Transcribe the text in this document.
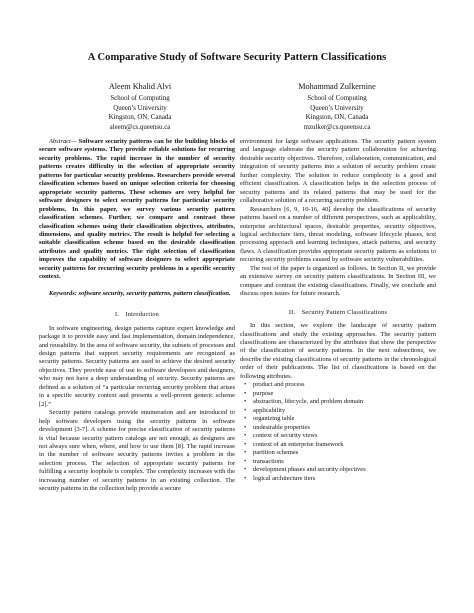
A Comparative Study of Software Security Pattern Classifications
Aleem Khalid Alvi
School of Computing
Queen’s University
Kingston, ON, Canada
aleem@cs.queensu.ca
Mohammad Zulkernine
School of Computing
Queen’s University
Kingston, ON, Canada
mzulker@cs.queensu.ca

Abstract— Software security patterns can be the building blocks of secure software systems. They provide reliable solutions for recurring security problems. The rapid increase in the number of security patterns creates difficulty in the selection of appropriate security patterns for particular security problems. Researchers provide several classification schemes based on unique selection criteria for choosing appropriate security patterns. These schemes are very helpful for software designers to select security patterns for particular security problems. In this paper, we survey various security pattern classification schemes. Further, we compare and contrast these classification schemes using their classification objectives, attributes, dimensions, and quality metrics. The result is helpful for selecting a suitable classification scheme based on the desirable classification attributes and quality metrics. The right selection of classification improves the capability of software designers to select appropriate security patterns for recurring security problems in a specific security context.

Keywords: software security, security patterns, pattern classification.

I. Introduction

In software engineering, design patterns capture expert knowledge and package it to provide easy and fast implementation, domain independence, and reusability. In the area of software security, the subsets of processes and design patterns that support security requirements are recognized as security patterns. Security patterns are used to achieve the desired security objectives. They provide ease of use to software developers and designers, who may not have a deep understanding of security. Security patterns are defined as a solution of “a particular recurring security problem that arises in a specific security context and presents a well-proven generic scheme [2].”

Security pattern catalogs provide enumeration and are introduced to help software developers using the security patterns in software development [3-7]. A scheme for precise classification of security patterns is vital because security pattern catalogs are not enough, as designers are not always sure when, where, and how to use them [8]. The rapid increase in the number of software security patterns invites a problem in the selection process. The selection of appropriate security patterns for fulfilling a security loophole is complex. The complexity increases with the increasing number of security patterns in an existing collection. The security patterns in the collection help provide a secure

environment for large software applications. The security pattern system and language elaborate the security pattern collaboration for achieving desirable security objectives. Therefore, collaboration, communication, and integration of security patterns into a solution of security problem create further complexity. The solution to reduce complexity is a good and efficient classification. A classification helps in the selection process of security patterns and its related patterns that may be used for the collaborative solution of a recurring security problem.

Researchers [6, 9, 10-16, 40] develop the classifications of security patterns based on a number of different perspectives, such as applicability, enterprise architectural spaces, desirable properties, security objectives, logical architecture tiers, threat modeling, software lifecycle phases, text processing approach and learning techniques, attack patterns, and security flaws. A classification provides appropriate security patterns as solutions to recurring security problems caused by software security vulnerabilities.

The rest of the paper is organized as follows. In Section II, we provide an extensive survey on security pattern classifications. In Section III, we compare and contrast the existing classifications. Finally, we conclude and discuss open issues for future research.

II. Security Pattern Classifications

In this section, we explore the landscape of security pattern classifications and study the existing approaches. The security pattern classifications are characterized by the attributes that show the perspective of the classification of security patterns. In the next subsections, we describe the existing classifications of security patterns in the chronological order of their publications. The list of classifications is based on the following attributes.

• product and process
• purpose
• abstraction, lifecycle, and problem domain
• applicability
• organizing table
• undesirable properties
• context of security views
• context of an enterprise framework
• partition schemes
• transactions
• development phases and security objectives
• logical architecture tiers
